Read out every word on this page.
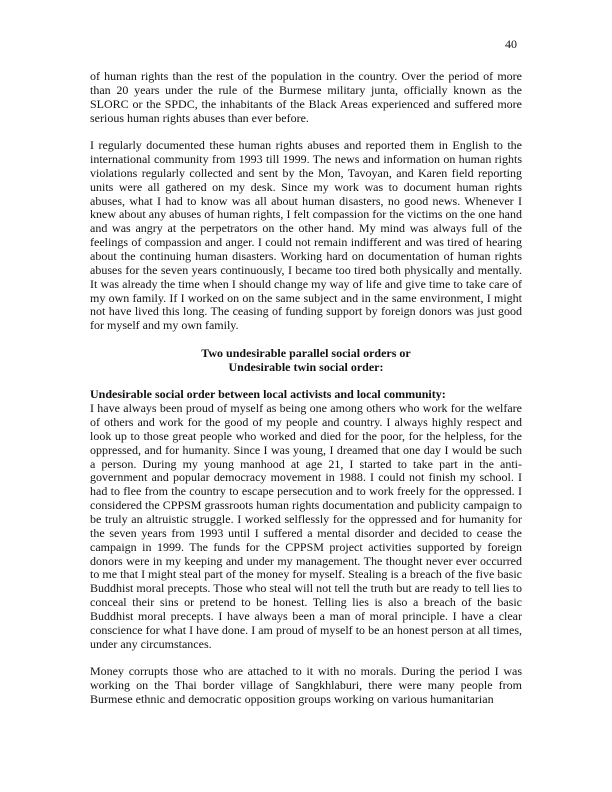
40

of human rights than the rest of the population in the country. Over the period of more than 20 years under the rule of the Burmese military junta, officially known as the SLORC or the SPDC, the inhabitants of the Black Areas experienced and suffered more serious human rights abuses than ever before.

I regularly documented these human rights abuses and reported them in English to the international community from 1993 till 1999. The news and information on human rights violations regularly collected and sent by the Mon, Tavoyan, and Karen field reporting units were all gathered on my desk. Since my work was to document human rights abuses, what I had to know was all about human disasters, no good news. Whenever I knew about any abuses of human rights, I felt compassion for the victims on the one hand and was angry at the perpetrators on the other hand. My mind was always full of the feelings of compassion and anger. I could not remain indifferent and was tired of hearing about the continuing human disasters. Working hard on documentation of human rights abuses for the seven years continuously, I became too tired both physically and mentally. It was already the time when I should change my way of life and give time to take care of my own family. If I worked on on the same subject and in the same environment, I might not have lived this long. The ceasing of funding support by foreign donors was just good for myself and my own family.

Two undesirable parallel social orders or
Undesirable twin social order:
Undesirable social order between local activists and local community:

I have always been proud of myself as being one among others who work for the welfare of others and work for the good of my people and country. I always highly respect and look up to those great people who worked and died for the poor, for the helpless, for the oppressed, and for humanity. Since I was young, I dreamed that one day I would be such a person. During my young manhood at age 21, I started to take part in the anti-government and popular democracy movement in 1988. I could not finish my school. I had to flee from the country to escape persecution and to work freely for the oppressed. I considered the CPPSM grassroots human rights documentation and publicity campaign to be truly an altruistic struggle. I worked selflessly for the oppressed and for humanity for the seven years from 1993 until I suffered a mental disorder and decided to cease the campaign in 1999. The funds for the CPPSM project activities supported by foreign donors were in my keeping and under my management. The thought never ever occurred to me that I might steal part of the money for myself. Stealing is a breach of the five basic Buddhist moral precepts. Those who steal will not tell the truth but are ready to tell lies to conceal their sins or pretend to be honest. Telling lies is also a breach of the basic Buddhist moral precepts. I have always been a man of moral principle. I have a clear conscience for what I have done. I am proud of myself to be an honest person at all times, under any circumstances.

Money corrupts those who are attached to it with no morals. During the period I was working on the Thai border village of Sangkhlaburi, there were many people from Burmese ethnic and democratic opposition groups working on various humanitarian
